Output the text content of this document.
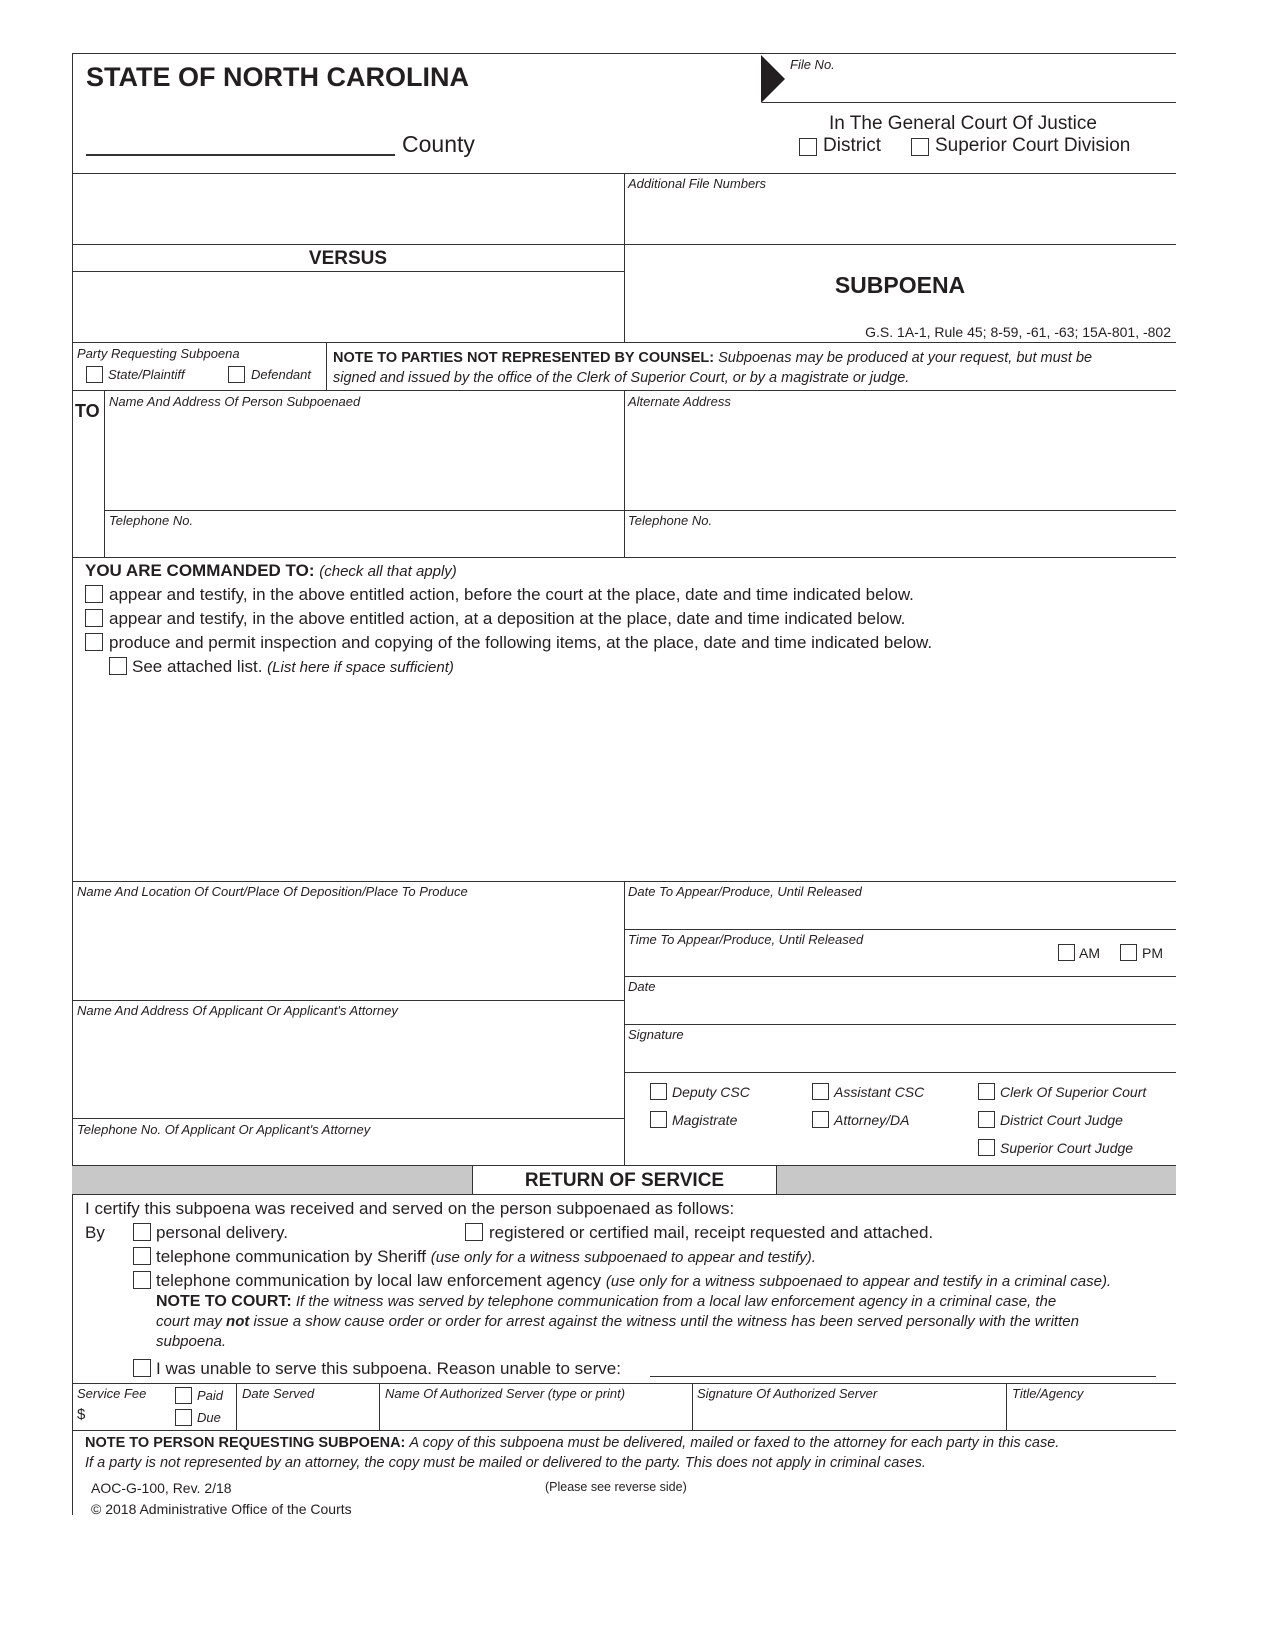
STATE OF NORTH CAROLINA
County
File No.
In The General Court Of Justice
District	Superior Court Division
Additional File Numbers
VERSUS
SUBPOENA
G.S. 1A-1, Rule 45; 8-59, -61, -63; 15A-801, -802
Party Requesting Subpoena
State/Plaintiff	Defendant
NOTE TO PARTIES NOT REPRESENTED BY COUNSEL: Subpoenas may be produced at your request, but must be
signed and issued by the office of the Clerk of Superior Court, or by a magistrate or judge.
TO Name And Address Of Person Subpoenaed	Alternate Address
Telephone No.	Telephone No.
YOU ARE COMMANDED TO: (check all that apply)
appear and testify, in the above entitled action, before the court at the place, date and time indicated below.
appear and testify, in the above entitled action, at a deposition at the place, date and time indicated below.
produce and permit inspection and copying of the following items, at the place, date and time indicated below.
See attached list. (List here if space sufficient)
Name And Location Of Court/Place Of Deposition/Place To Produce	Date To Appear/Produce, Until Released
Time To Appear/Produce, Until Released
AM	PM
Date
Signature
Name And Address Of Applicant Or Applicant's Attorney
Telephone No. Of Applicant Or Applicant's Attorney
Deputy CSC	Assistant CSC	Clerk Of Superior Court
Magistrate	Attorney/DA	District Court Judge
Superior Court Judge
RETURN OF SERVICE
I certify this subpoena was received and served on the person subpoenaed as follows:
By	personal delivery.	registered or certified mail, receipt requested and attached.
telephone communication by Sheriff (use only for a witness subpoenaed to appear and testify).
telephone communication by local law enforcement agency (use only for a witness subpoenaed to appear and testify in a criminal case).
NOTE TO COURT: If the witness was served by telephone communication from a local law enforcement agency in a criminal case, the
court may not issue a show cause order or order for arrest against the witness until the witness has been served personally with the written
subpoena.
I was unable to serve this subpoena. Reason unable to serve:
Service Fee
$
Paid
Due
Date Served	Name Of Authorized Server (type or print)	Signature Of Authorized Server	Title/Agency
NOTE TO PERSON REQUESTING SUBPOENA: A copy of this subpoena must be delivered, mailed or faxed to the attorney for each party in this case.
If a party is not represented by an attorney, the copy must be mailed or delivered to the party. This does not apply in criminal cases.
AOC-G-100, Rev. 2/18	(Please see reverse side)
© 2018 Administrative Office of the Courts
